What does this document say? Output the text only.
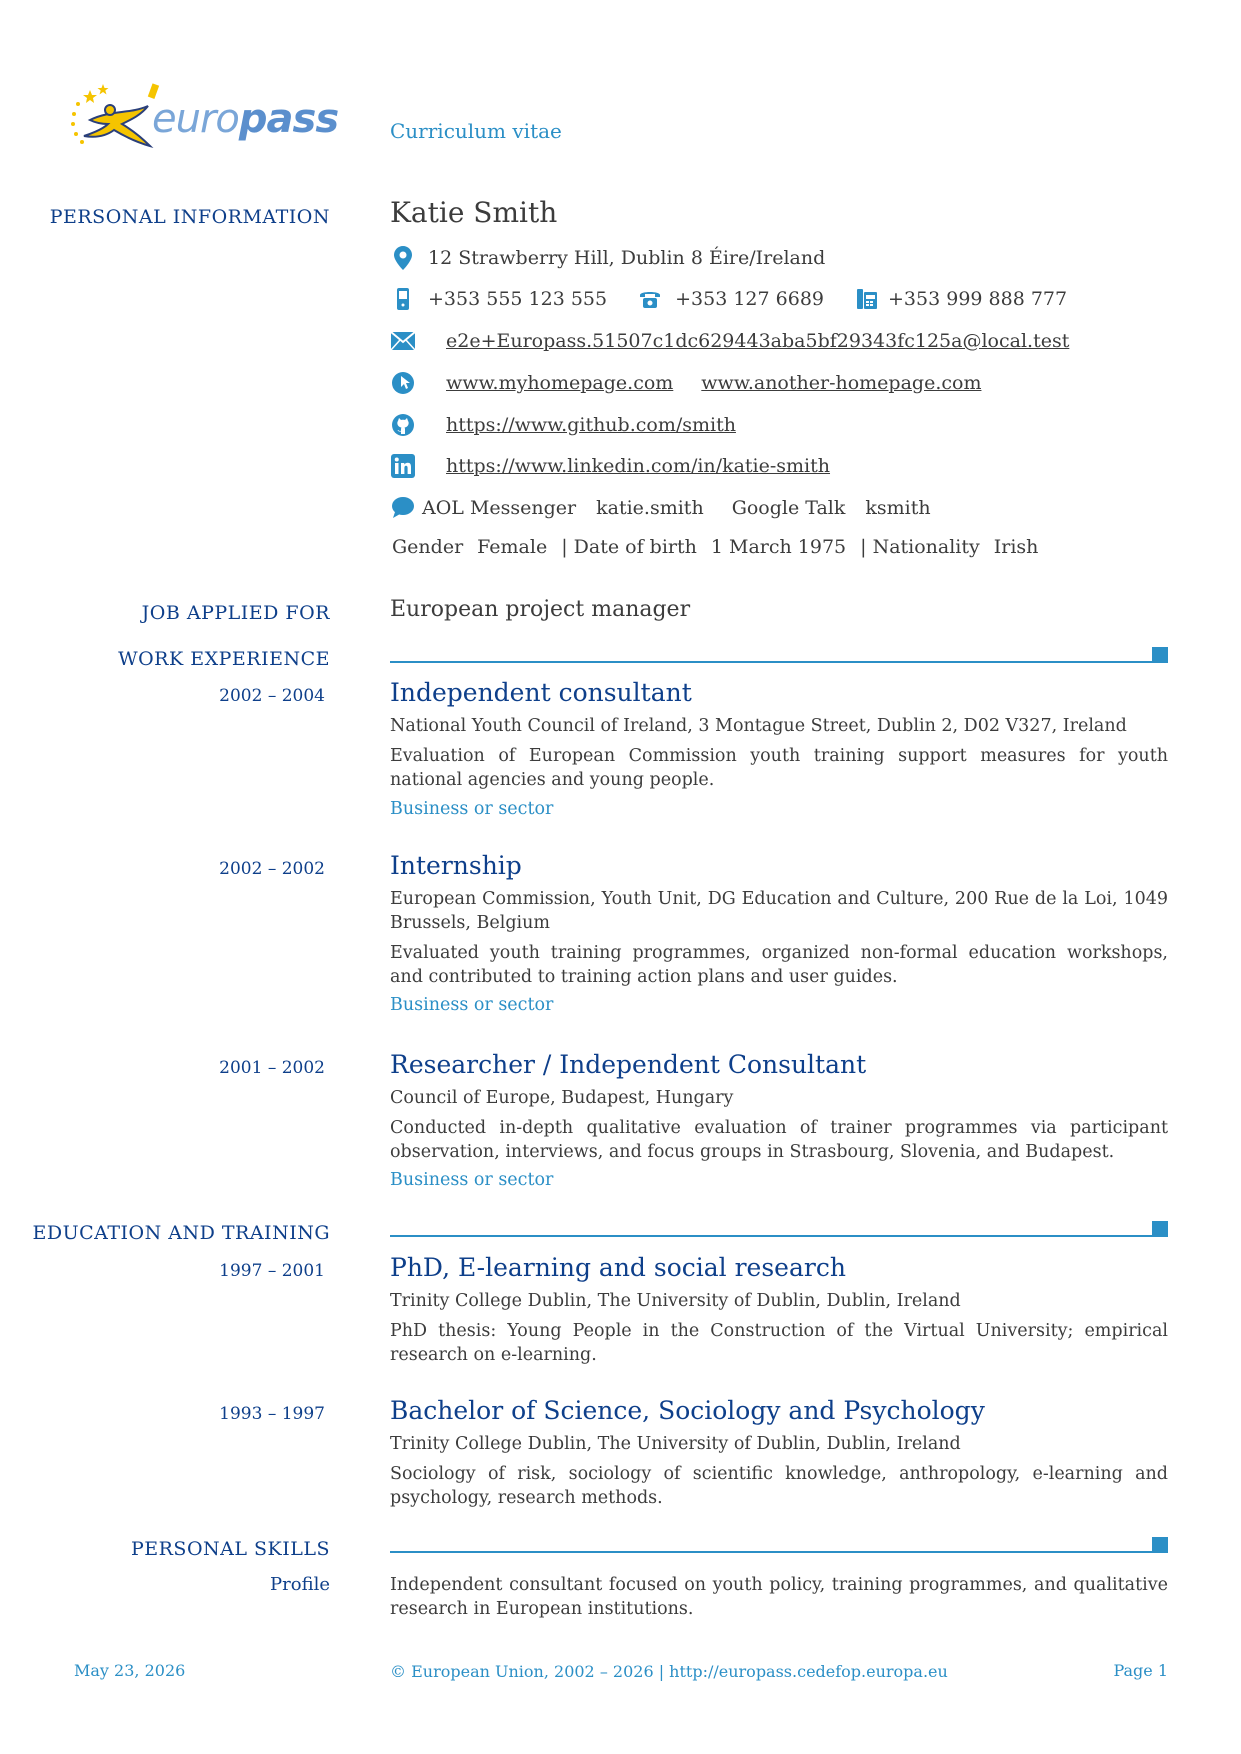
europass	Curriculum vitae
PERSONAL INFORMATION Katie Smith
12 Strawberry Hill, Dublin 8 Éire/Ireland
+353 555 123 555	+353 127 6689	+353 999 888 777
e2e+Europass.51507c1dc629443aba5bf29343fc125a@local.test
www.myhomepage.com www.another-homepage.com
https://www.github.com/smith
https://www.linkedin.com/in/katie-smith
AOL Messenger katie.smith Google Talk ksmith
Gender Female | Date of birth 1 March 1975 | Nationality Irish
JOB APPLIED FOR	European project manager
WORK EXPERIENCE
2002 – 2004	Independent consultant
National Youth Council of Ireland, 3 Montague Street, Dublin 2, D02 V327, Ireland
Evaluation of European Commission youth training support measures for youth national agencies and young people.
Business or sector
2002 – 2002	Internship
European Commission, Youth Unit, DG Education and Culture, 200 Rue de la Loi, 1049 Brussels, Belgium
Evaluated youth training programmes, organized non-formal education workshops, and contributed to training action plans and user guides.
Business or sector
2001 – 2002	Researcher / Independent Consultant
Council of Europe, Budapest, Hungary
Conducted in-depth qualitative evaluation of trainer programmes via participant observation, interviews, and focus groups in Strasbourg, Slovenia, and Budapest.
Business or sector
EDUCATION AND TRAINING
1997 – 2001	PhD, E-learning and social research
Trinity College Dublin, The University of Dublin, Dublin, Ireland
PhD thesis: Young People in the Construction of the Virtual University; empirical research on e-learning.
1993 – 1997	Bachelor of Science, Sociology and Psychology
Trinity College Dublin, The University of Dublin, Dublin, Ireland
Sociology of risk, sociology of scientific knowledge, anthropology, e-learning and psychology, research methods.
PERSONAL SKILLS
Profile	Independent consultant focused on youth policy, training programmes, and qualitative research in European institutions.
May 23, 2026	© European Union, 2002 – 2026 | http://europass.cedefop.europa.eu	Page 1
